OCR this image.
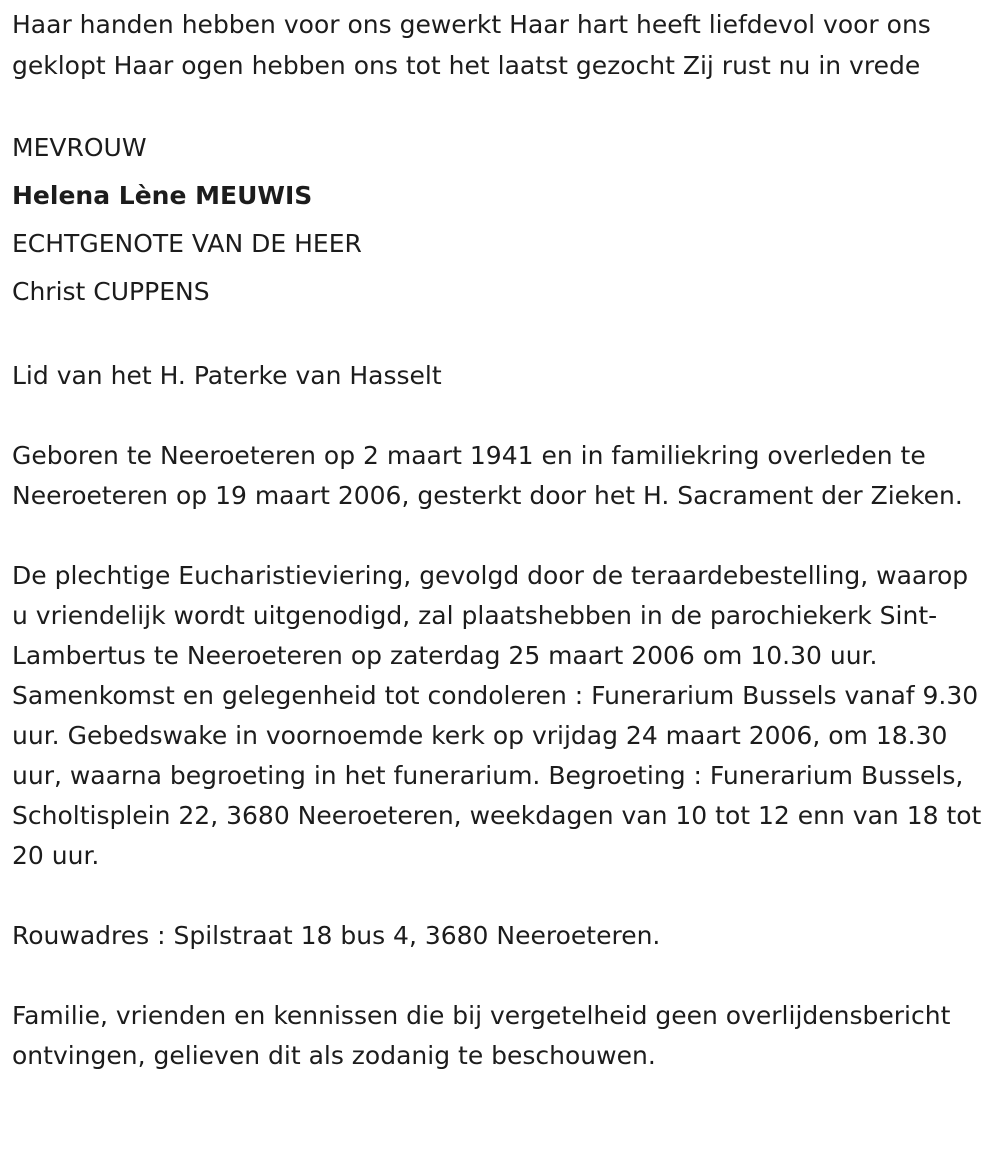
Haar handen hebben voor ons gewerkt Haar hart heeft liefdevol voor ons geklopt Haar ogen hebben ons tot het laatst gezocht Zij rust nu in vrede

MEVROUW

Helena Lène MEUWIS

ECHTGENOTE VAN DE HEER

Christ CUPPENS

Lid van het H. Paterke van Hasselt

Geboren te Neeroeteren op 2 maart 1941 en in familiekring overleden te Neeroeteren op 19 maart 2006, gesterkt door het H. Sacrament der Zieken.

De plechtige Eucharistieviering, gevolgd door de teraardebestelling, waarop u vriendelijk wordt uitgenodigd, zal plaatshebben in de parochiekerk Sint-Lambertus te Neeroeteren op zaterdag 25 maart 2006 om 10.30 uur. Samenkomst en gelegenheid tot condoleren : Funerarium Bussels vanaf 9.30 uur. Gebedswake in voornoemde kerk op vrijdag 24 maart 2006, om 18.30 uur, waarna begroeting in het funerarium. Begroeting : Funerarium Bussels, Scholtisplein 22, 3680 Neeroeteren, weekdagen van 10 tot 12 enn van 18 tot 20 uur.

Rouwadres : Spilstraat 18 bus 4, 3680 Neeroeteren.

Familie, vrienden en kennissen die bij vergetelheid geen overlijdensbericht ontvingen, gelieven dit als zodanig te beschouwen.
